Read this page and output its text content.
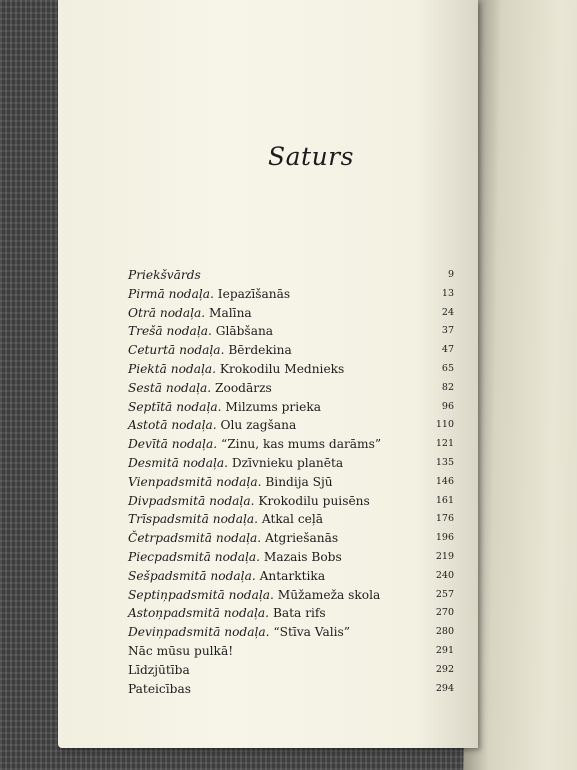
Saturs
Priekšvārds	9
Pirmā nodaļa. Iepazīšanās	13
Otrā nodaļa. Malīna	24
Trešā nodaļa. Glābšana	37
Ceturtā nodaļa. Bērdekina	47
Piektā nodaļa. Krokodilu Mednieks	65
Sestā nodaļa. Zoodārzs	82
Septītā nodaļa. Milzums prieka	96
Astotā nodaļa. Olu zagšana	110
Devītā nodaļa. “Zinu, kas mums darāms”	121
Desmitā nodaļa. Dzīvnieku planēta	135
Vienpadsmitā nodaļa. Bindija Sjū	146
Divpadsmitā nodaļa. Krokodilu puisēns	161
Trīspadsmitā nodaļa. Atkal ceļā	176
Četrpadsmitā nodaļa. Atgriešanās	196
Piecpadsmitā nodaļa. Mazais Bobs	219
Sešpadsmitā nodaļa. Antarktika	240
Septiņpadsmitā nodaļa. Mūžameža skola	257
Astoņpadsmitā nodaļa. Bata rifs	270
Deviņpadsmitā nodaļa. “Stīva Valis”	280
Nāc mūsu pulkā!	291
Līdzjūtība	292
Pateicības	294
